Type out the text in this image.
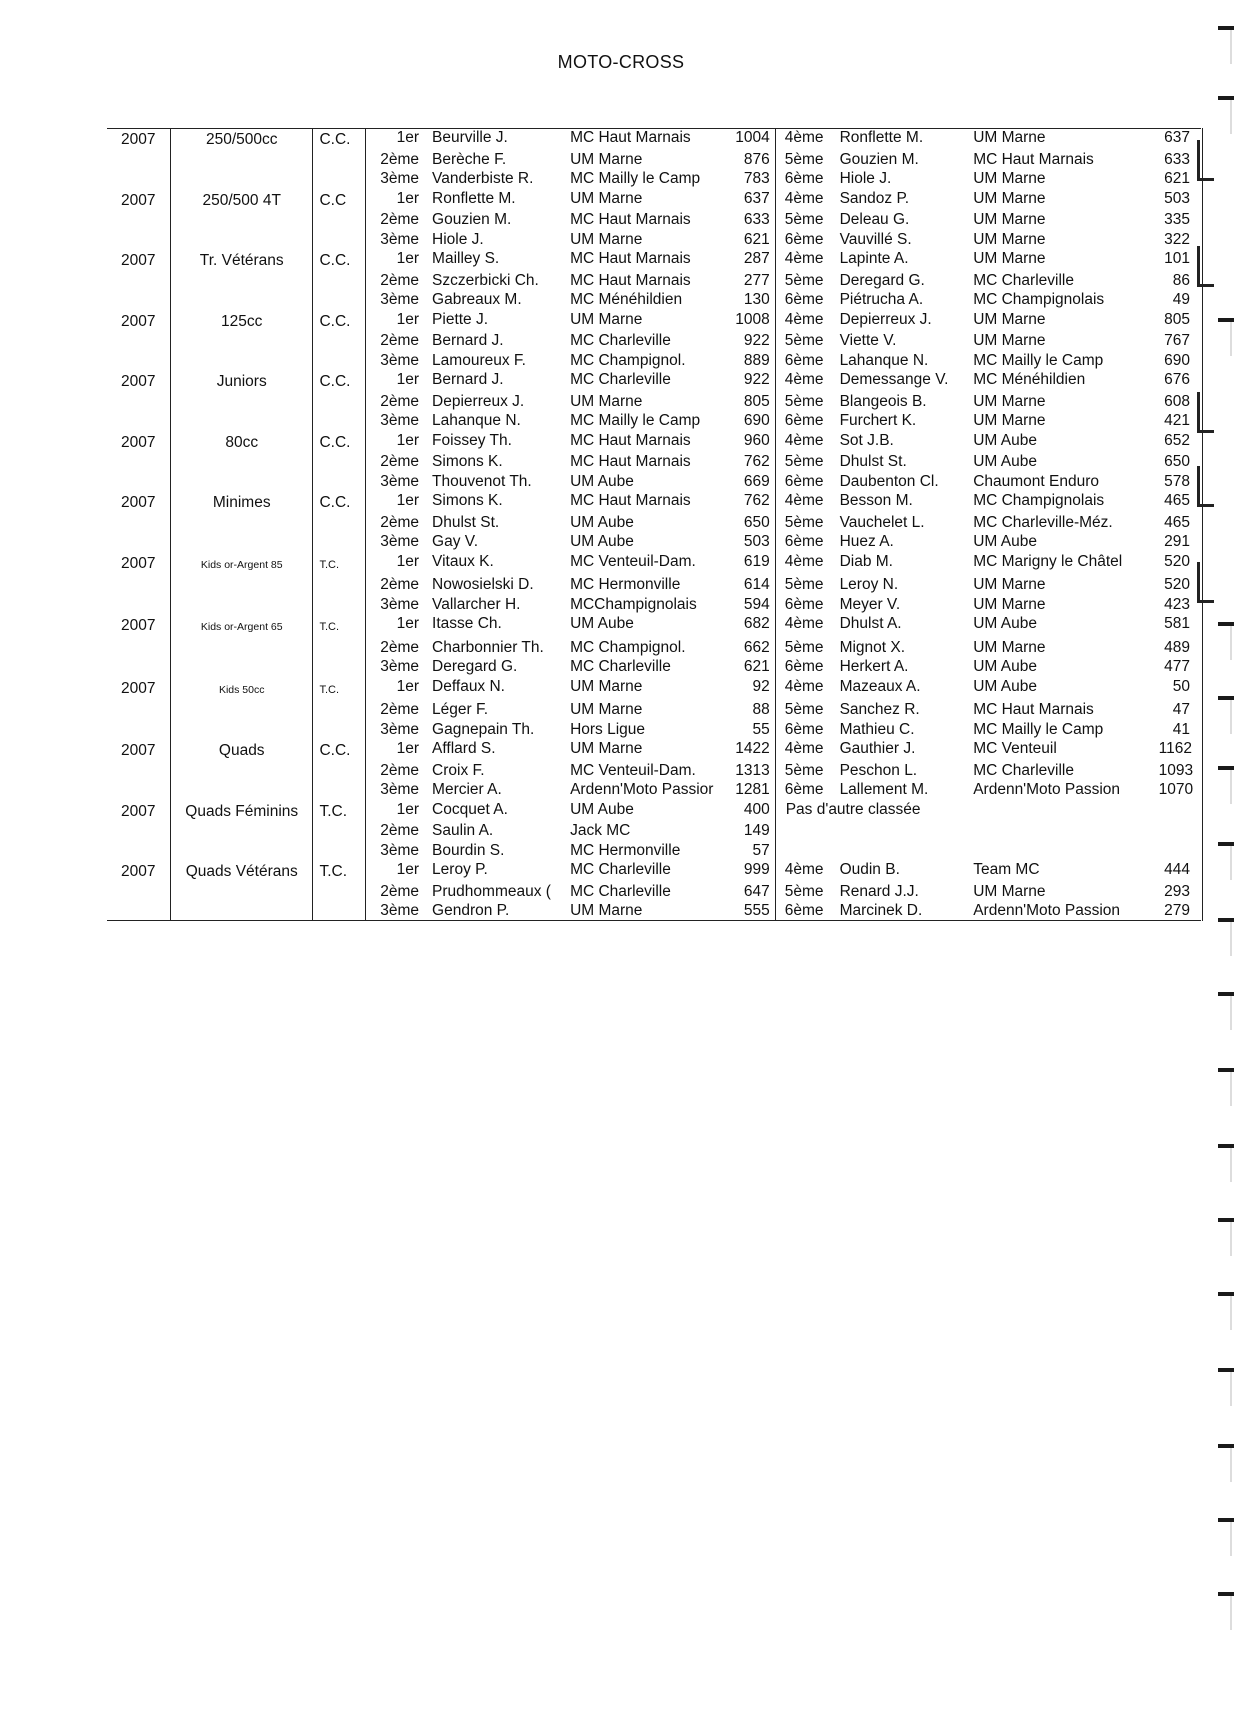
MOTO-CROSS
2007	250/500cc	C.C.	1er	Beurville J.	MC Haut Marnais	1004	4ème	Ronflette M.	UM Marne	637
			2ème	Berèche F.	UM Marne	876	5ème	Gouzien M.	MC Haut Marnais	633
			3ème	Vanderbiste R.	MC Mailly le Camp	783	6ème	Hiole J.	UM Marne	621
2007	250/500 4T	C.C	1er	Ronflette M.	UM Marne	637	4ème	Sandoz P.	UM Marne	503
			2ème	Gouzien M.	MC Haut Marnais	633	5ème	Deleau G.	UM Marne	335
			3ème	Hiole J.	UM Marne	621	6ème	Vauvillé S.	UM Marne	322
2007	Tr. Vétérans	C.C.	1er	Mailley S.	MC Haut Marnais	287	4ème	Lapinte A.	UM Marne	101
			2ème	Szczerbicki Ch.	MC Haut Marnais	277	5ème	Deregard G.	MC Charleville	86
			3ème	Gabreaux M.	MC Ménéhildien	130	6ème	Piétrucha A.	MC Champignolais	49
2007	125cc	C.C.	1er	Piette J.	UM Marne	1008	4ème	Depierreux J.	UM Marne	805
			2ème	Bernard J.	MC Charleville	922	5ème	Viette V.	UM Marne	767
			3ème	Lamoureux F.	MC Champignol.	889	6ème	Lahanque N.	MC Mailly le Camp	690
2007	Juniors	C.C.	1er	Bernard J.	MC Charleville	922	4ème	Demessange V.	MC Ménéhildien	676
			2ème	Depierreux J.	UM Marne	805	5ème	Blangeois B.	UM Marne	608
			3ème	Lahanque N.	MC Mailly le Camp	690	6ème	Furchert K.	UM Marne	421
2007	80cc	C.C.	1er	Foissey Th.	MC Haut Marnais	960	4ème	Sot J.B.	UM Aube	652
			2ème	Simons K.	MC Haut Marnais	762	5ème	Dhulst St.	UM Aube	650
			3ème	Thouvenot Th.	UM Aube	669	6ème	Daubenton Cl.	Chaumont Enduro	578
2007	Minimes	C.C.	1er	Simons K.	MC Haut Marnais	762	4ème	Besson M.	MC Champignolais	465
			2ème	Dhulst St.	UM Aube	650	5ème	Vauchelet L.	MC Charleville-Méz.	465
			3ème	Gay V.	UM Aube	503	6ème	Huez A.	UM Aube	291
2007	Kids or-Argent 85	T.C.	1er	Vitaux K.	MC Venteuil-Dam.	619	4ème	Diab M.	MC Marigny le Châtel	520
			2ème	Nowosielski D.	MC Hermonville	614	5ème	Leroy N.	UM Marne	520
			3ème	Vallarcher H.	MCChampignolais	594	6ème	Meyer V.	UM Marne	423
2007	Kids or-Argent 65	T.C.	1er	Itasse Ch.	UM Aube	682	4ème	Dhulst A.	UM Aube	581
			2ème	Charbonnier Th.	MC Champignol.	662	5ème	Mignot X.	UM Marne	489
			3ème	Deregard G.	MC Charleville	621	6ème	Herkert A.	UM Aube	477
2007	Kids 50cc	T.C.	1er	Deffaux N.	UM Marne	92	4ème	Mazeaux A.	UM Aube	50
			2ème	Léger F.	UM Marne	88	5ème	Sanchez R.	MC Haut Marnais	47
			3ème	Gagnepain Th.	Hors Ligue	55	6ème	Mathieu C.	MC Mailly le Camp	41
2007	Quads	C.C.	1er	Afflard S.	UM Marne	1422	4ème	Gauthier J.	MC Venteuil	1162
			2ème	Croix F.	MC Venteuil-Dam.	1313	5ème	Peschon L.	MC Charleville	1093
			3ème	Mercier A.	Ardenn'Moto Passior	1281	6ème	Lallement M.	Ardenn'Moto Passion	1070
2007	Quads Féminins	T.C.	1er	Cocquet A.	UM Aube	400	Pas d'autre classée			
			2ème	Saulin A.	Jack MC	149				
			3ème	Bourdin S.	MC Hermonville	57				
2007	Quads Vétérans	T.C.	1er	Leroy P.	MC Charleville	999	4ème	Oudin B.	Team MC	444
			2ème	Prudhommeaux (	MC Charleville	647	5ème	Renard J.J.	UM Marne	293
			3ème	Gendron P.	UM Marne	555	6ème	Marcinek D.	Ardenn'Moto Passion	279
